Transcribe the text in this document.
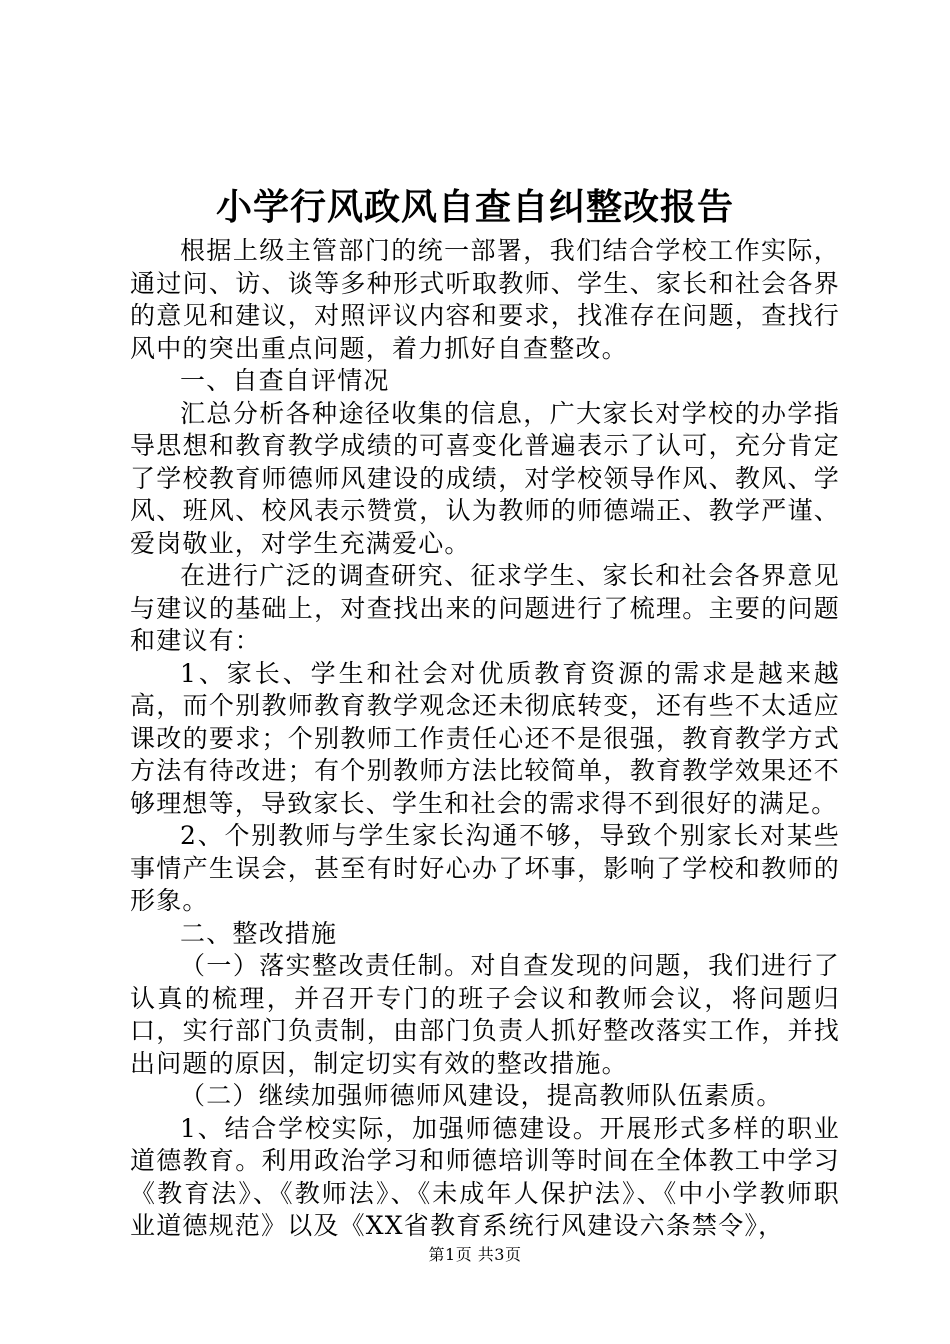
小学行风政风自查自纠整改报告

根据上级主管部门的统一部署，我们结合学校工作实际，通过问、访、谈等多种形式听取教师、学生、家长和社会各界的意见和建议，对照评议内容和要求，找准存在问题，查找行风中的突出重点问题，着力抓好自查整改。

一、自查自评情况

汇总分析各种途径收集的信息，广大家长对学校的办学指导思想和教育教学成绩的可喜变化普遍表示了认可，充分肯定了学校教育师德师风建设的成绩，对学校领导作风、教风、学风、班风、校风表示赞赏，认为教师的师德端正、教学严谨、爱岗敬业，对学生充满爱心。

在进行广泛的调查研究、征求学生、家长和社会各界意见与建议的基础上，对查找出来的问题进行了梳理。主要的问题和建议有：

1、家长、学生和社会对优质教育资源的需求是越来越高，而个别教师教育教学观念还未彻底转变，还有些不太适应课改的要求；个别教师工作责任心还不是很强，教育教学方式方法有待改进；有个别教师方法比较简单，教育教学效果还不够理想等，导致家长、学生和社会的需求得不到很好的满足。

2、个别教师与学生家长沟通不够，导致个别家长对某些事情产生误会，甚至有时好心办了坏事，影响了学校和教师的形象。

二、整改措施

（一）落实整改责任制。对自查发现的问题，我们进行了认真的梳理，并召开专门的班子会议和教师会议，将问题归口，实行部门负责制，由部门负责人抓好整改落实工作，并找出问题的原因，制定切实有效的整改措施。

（二）继续加强师德师风建设，提高教师队伍素质。

1、结合学校实际，加强师德建设。开展形式多样的职业道德教育。利用政治学习和师德培训等时间在全体教工中学习《教育法》、《教师法》、《未成年人保护法》、《中小学教师职业道德规范》以及《XX省教育系统行风建设六条禁令》，

第1页 共3页
